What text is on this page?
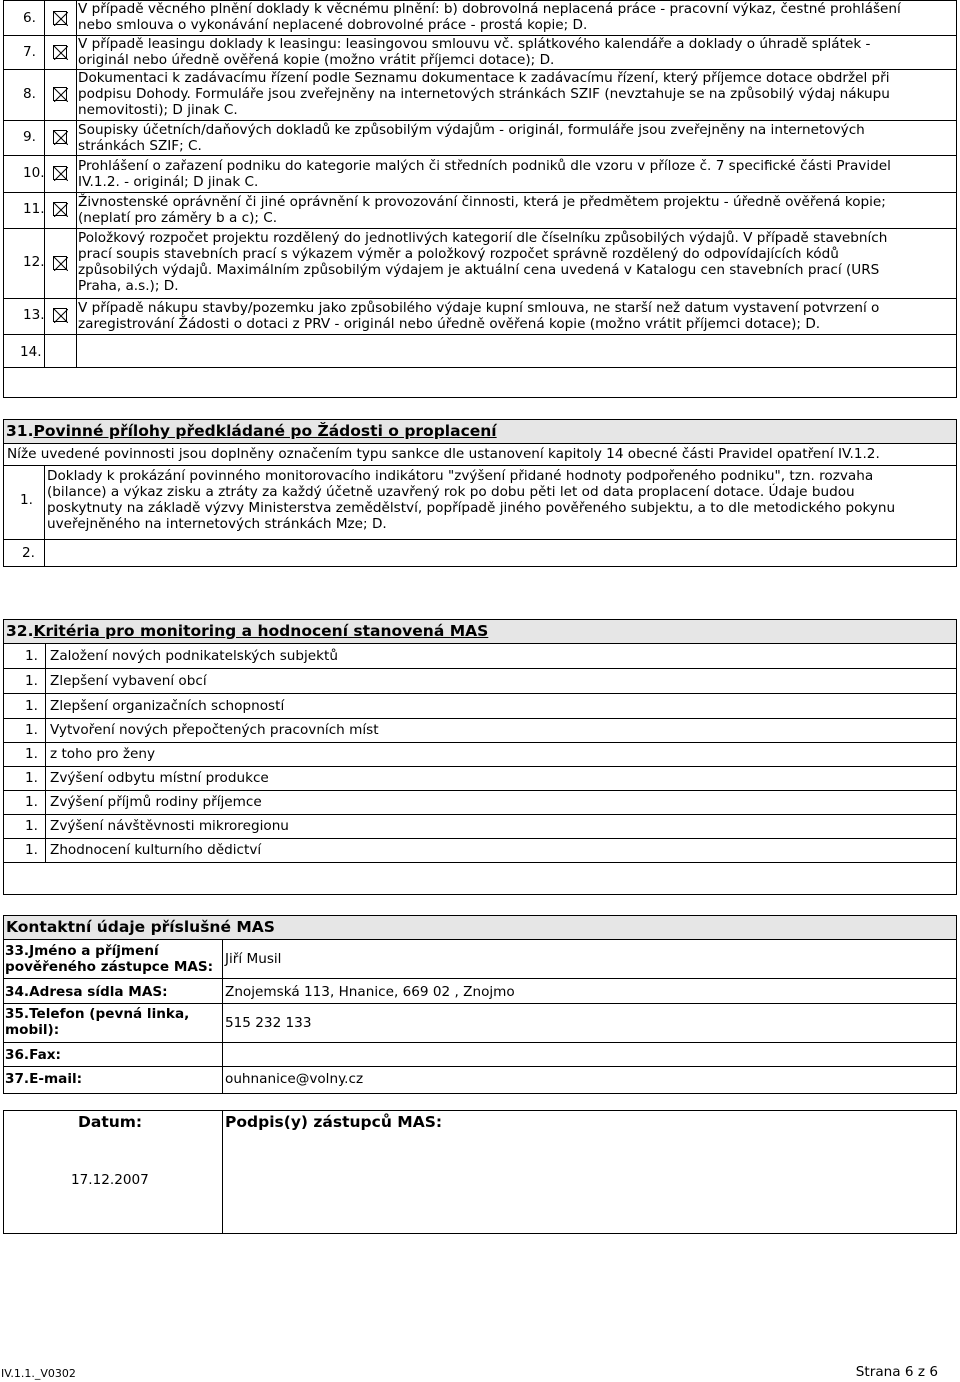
6.
V případě věcného plnění doklady k věcnému plnění: b) dobrovolná neplacená práce - pracovní výkaz, čestné prohlášení
nebo smlouva o vykonávání neplacené dobrovolné práce - prostá kopie; D.
7.	V případě leasingu doklady k leasingu: leasingovou smlouvu vč. splátkového kalendáře a doklady o úhradě splátek -
originál nebo úředně ověřená kopie (možno vrátit příjemci dotace); D.
8.
Dokumentaci k zadávacímu řízení podle Seznamu dokumentace k zadávacímu řízení, který příjemce dotace obdržel při
podpisu Dohody. Formuláře jsou zveřejněny na internetových stránkách SZIF (nevztahuje se na způsobilý výdaj nákupu
nemovitosti); D jinak C.
9.	Soupisky účetních/daňových dokladů ke způsobilým výdajům - originál, formuláře jsou zveřejněny na internetových
stránkách SZIF; C.
10. Prohlášení o zařazení podniku do kategorie malých či středních podniků dle vzoru v příloze č. 7 specifické části Pravidel
IV.1.2. - originál; D jinak C.
11. Živnostenské oprávnění či jiné oprávnění k provozování činnosti, která je předmětem projektu - úředně ověřená kopie;
(neplatí pro záměry b a c); C.
12.
Položkový rozpočet projektu rozdělený do jednotlivých kategorií dle číselníku způsobilých výdajů. V případě stavebních
prací soupis stavebních prací s výkazem výměr a položkový rozpočet správně rozdělený do odpovídajících kódů
způsobilých výdajů. Maximálním způsobilým výdajem je aktuální cena uvedená v Katalogu cen stavebních prací (URS
Praha, a.s.); D.
13. V případě nákupu stavby/pozemku jako způsobilého výdaje kupní smlouva, ne starší než datum vystavení potvrzení o
zaregistrování Žádosti o dotaci z PRV - originál nebo úředně ověřená kopie (možno vrátit příjemci dotace); D.
14.
31.Povinné přílohy předkládané po Žádosti o proplacení
Níže uvedené povinnosti jsou doplněny označením typu sankce dle ustanovení kapitoly 14 obecné části Pravidel opatření IV.1.2.
1.
Doklady k prokázání povinného monitorovacího indikátoru "zvýšení přidané hodnoty podpořeného podniku", tzn. rozvaha
(bilance) a výkaz zisku a ztráty za každý účetně uzavřený rok po dobu pěti let od data proplacení dotace. Údaje budou
poskytnuty na základě výzvy Ministerstva zemědělství, popřípadě jiného pověřeného subjektu, a to dle metodického pokynu
uveřejněného na internetových stránkách Mze; D.
2.
32.Kritéria pro monitoring a hodnocení stanovená MAS
1. Založení nových podnikatelských subjektů
1. Zlepšení vybavení obcí
1. Zlepšení organizačních schopností
1. Vytvoření nových přepočtených pracovních míst
1. z toho pro ženy
1. Zvýšení odbytu místní produkce
1. Zvýšení příjmů rodiny příjemce
1. Zvýšení návštěvnosti mikroregionu
1. Zhodnocení kulturního dědictví
Kontaktní údaje příslušné MAS
33.Jméno a příjmení
pověřeného zástupce MAS: Jiří Musil
34.Adresa sídla MAS:	Znojemská 113, Hnanice, 669 02 , Znojmo
35.Telefon (pevná linka,
mobil):	515 232 133
36.Fax:
37.E-mail:	ouhnanice@volny.cz
Datum:	Podpis(y) zástupců MAS:
17.12.2007
IV.1.1._V0302	Strana 6 z 6
